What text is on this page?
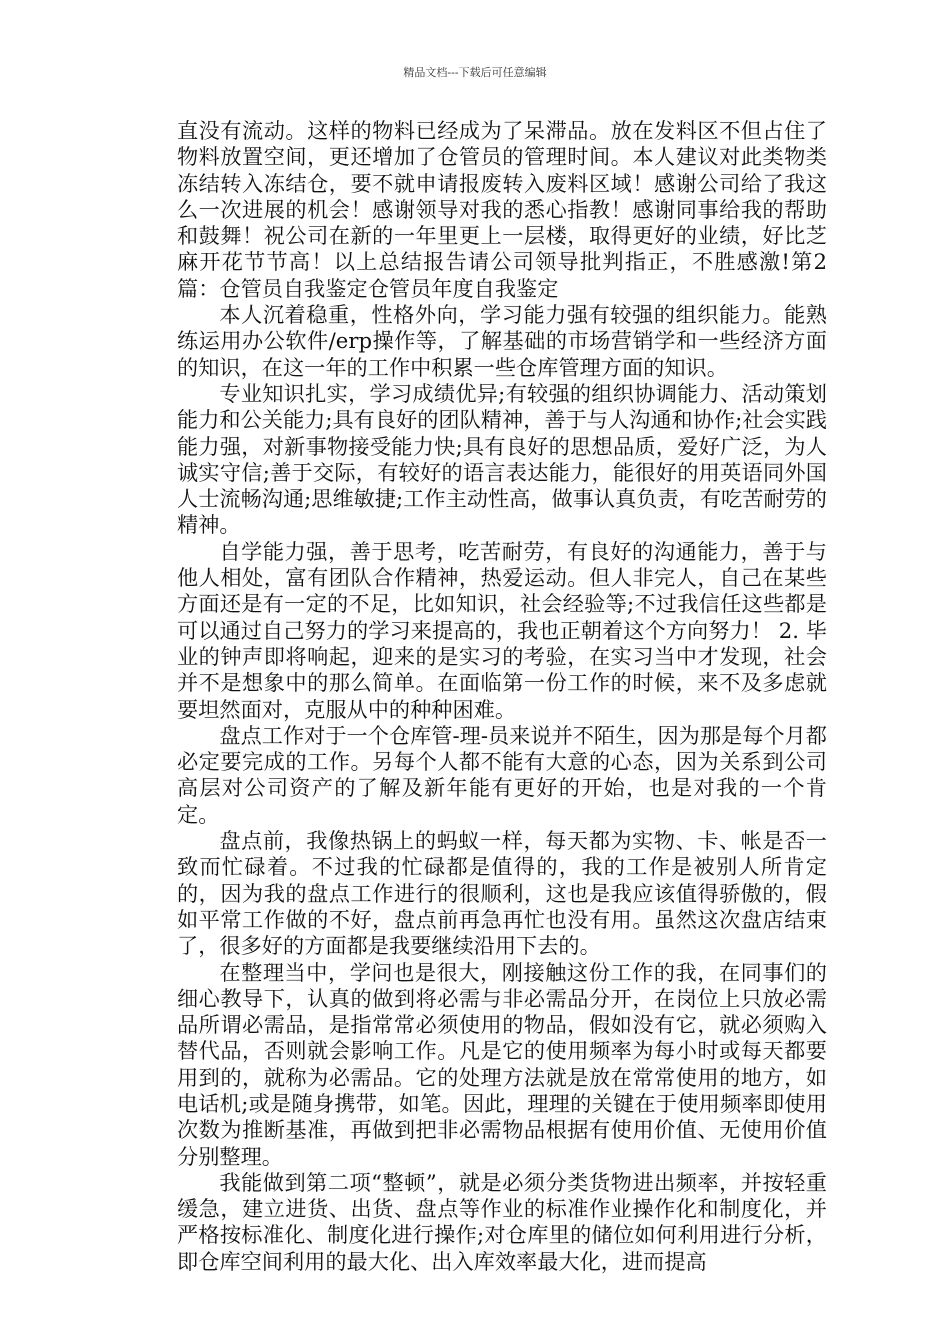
精品文档---下载后可任意编辑

直没有流动。这样的物料已经成为了呆滞品。放在发料区不但占住了物料放置空间，更还增加了仓管员的管理时间。本人建议对此类物类冻结转入冻结仓，要不就申请报废转入废料区域！感谢公司给了我这么一次进展的机会！感谢领导对我的悉心指教！感谢同事给我的帮助和鼓舞！祝公司在新的一年里更上一层楼，取得更好的业绩，好比芝麻开花节节高！以上总结报告请公司领导批判指正，不胜感激!第2篇：仓管员自我鉴定仓管员年度自我鉴定

本人沉着稳重，性格外向，学习能力强有较强的组织能力。能熟练运用办公软件/erp操作等，了解基础的市场营销学和一些经济方面的知识，在这一年的工作中积累一些仓库管理方面的知识。

专业知识扎实，学习成绩优异;有较强的组织协调能力、活动策划能力和公关能力;具有良好的团队精神，善于与人沟通和协作;社会实践能力强，对新事物接受能力快;具有良好的思想品质，爱好广泛，为人诚实守信;善于交际，有较好的语言表达能力，能很好的用英语同外国人士流畅沟通;思维敏捷;工作主动性高，做事认真负责，有吃苦耐劳的精神。

自学能力强，善于思考，吃苦耐劳，有良好的沟通能力，善于与他人相处，富有团队合作精神，热爱运动。但人非完人，自己在某些方面还是有一定的不足，比如知识，社会经验等;不过我信任这些都是可以通过自己努力的学习来提高的，我也正朝着这个方向努力！ 2. 毕业的钟声即将响起，迎来的是实习的考验，在实习当中才发现，社会并不是想象中的那么简单。在面临第一份工作的时候，来不及多虑就要坦然面对，克服从中的种种困难。

盘点工作对于一个仓库管-理-员来说并不陌生，因为那是每个月都必定要完成的工作。另每个人都不能有大意的心态，因为关系到公司高层对公司资产的了解及新年能有更好的开始，也是对我的一个肯定。

盘点前，我像热锅上的蚂蚁一样，每天都为实物、卡、帐是否一致而忙碌着。不过我的忙碌都是值得的，我的工作是被别人所肯定的，因为我的盘点工作进行的很顺利，这也是我应该值得骄傲的，假如平常工作做的不好，盘点前再急再忙也没有用。虽然这次盘店结束了，很多好的方面都是我要继续沿用下去的。

在整理当中，学问也是很大，刚接触这份工作的我，在同事们的细心教导下，认真的做到将必需与非必需品分开，在岗位上只放必需品所谓必需品，是指常常必须使用的物品，假如没有它，就必须购入替代品，否则就会影响工作。凡是它的使用频率为每小时或每天都要用到的，就称为必需品。它的处理方法就是放在常常使用的地方，如电话机;或是随身携带，如笔。因此，理理的关键在于使用频率即使用次数为推断基准，再做到把非必需物品根据有使用价值、无使用价值分别整理。

我能做到第二项“整顿”，就是必须分类货物进出频率，并按轻重缓急，建立进货、出货、盘点等作业的标准作业操作化和制度化，并严格按标准化、制度化进行操作;对仓库里的储位如何利用进行分析，即仓库空间利用的最大化、出入库效率最大化，进而提高
